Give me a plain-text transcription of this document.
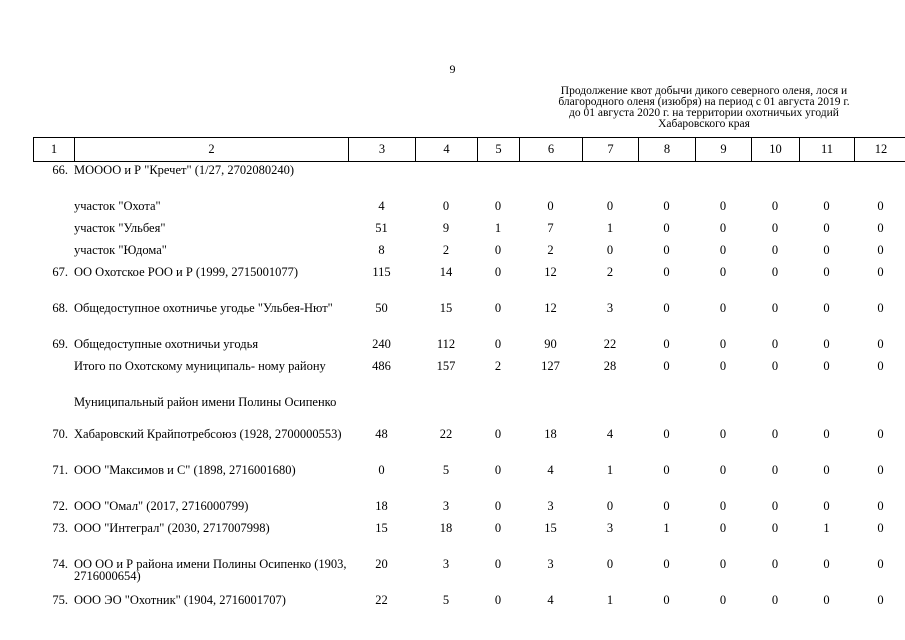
9
Продолжение квот добычи дикого северного оленя, лося и
благородного оленя (изюбря) на период с 01 августа 2019 г.
до 01 августа 2020 г. на территории охотничьих угодий
Хабаровского края
1	2	3	4	5	6	7	8	9	10	11	12
66.	МОООО и Р "Кречет" (1/27, 2702080240)										
	участок "Охота"	4	0	0	0	0	0	0	0	0	0
	участок "Ульбея"	51	9	1	7	1	0	0	0	0	0
	участок "Юдома"	8	2	0	2	0	0	0	0	0	0
67.	ОО Охотское РОО и Р (1999, 2715001077)	115	14	0	12	2	0	0	0	0	0
68.	Общедоступное охотничье угодье "Ульбея-Нют"	50	15	0	12	3	0	0	0	0	0
69.	Общедоступные охотничьи угодья	240	112	0	90	22	0	0	0	0	0
	Итого по Охотскому муниципаль- ному району	486	157	2	127	28	0	0	0	0	0
	Муниципальный район имени Полины Осипенко										
70.	Хабаровский Крайпотребсоюз (1928, 2700000553)	48	22	0	18	4	0	0	0	0	0
71.	ООО "Максимов и С" (1898, 2716001680)	0	5	0	4	1	0	0	0	0	0
72.	ООО "Омал" (2017, 2716000799)	18	3	0	3	0	0	0	0	0	0
73.	ООО "Интеграл" (2030, 2717007998)	15	18	0	15	3	1	0	0	1	0
74.	ОО ОО и Р района имени Полины Осипенко (1903, 2716000654)	20	3	0	3	0	0	0	0	0	0
75.	ООО ЭО "Охотник" (1904, 2716001707)	22	5	0	4	1	0	0	0	0	0
